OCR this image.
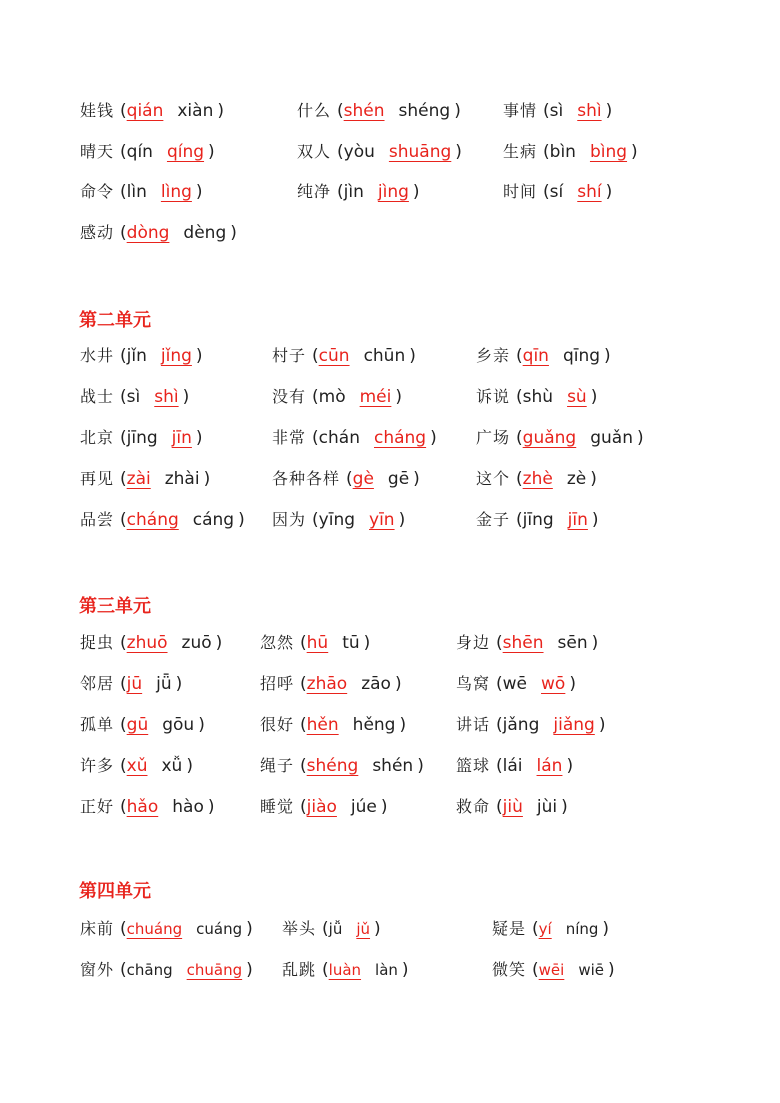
娃钱 ( qián xiàn )	什么 ( shén shéng )	事情 ( sì shì )
晴天 ( qín qíng )	双人 ( yòu shuāng )	生病 ( bìn bìng )
命令 ( lìn lìng )	纯净 ( jìn jìng )	时间 ( sí shí )
感动 ( dòng dèng )
第二单元
水井 ( jǐn jǐng )	村子 ( cūn chūn )	乡亲 ( qīn qīng )
战士 ( sì shì )	没有 ( mò méi )	诉说 ( shù sù )
北京 ( jīng jīn )	非常 ( chán cháng ) 广场 ( guǎng guǎn )
再见 ( zài zhài )	各种各样 ( gè gē )	这个 ( zhè zè )
品尝 ( cháng cáng ) 因为 ( yīng yīn )	金子 ( jīng jīn )
第三单元
捉虫 ( zhuō zuō ) 忽然 ( hū tū )	身边 ( shēn sēn )
邻居 ( jū jǖ )	招呼 ( zhāo zāo )	鸟窝 ( wē wō )
孤单 ( gū gōu )	很好 ( hěn hěng )	讲话 ( jǎng jiǎng )
许多 ( xǔ xǚ )	绳子 ( shéng shén ) 篮球 ( lái lán )
正好 ( hǎo hào )	睡觉 ( jiào júe )	救命 ( jiù jùi )
第四单元
床前 ( chuáng cuáng ) 举头 ( jǚ jǔ )	疑是 ( yí níng )
窗外 ( chāng chuāng ) 乱跳 ( luàn làn )	微笑 ( wēi wiē )
